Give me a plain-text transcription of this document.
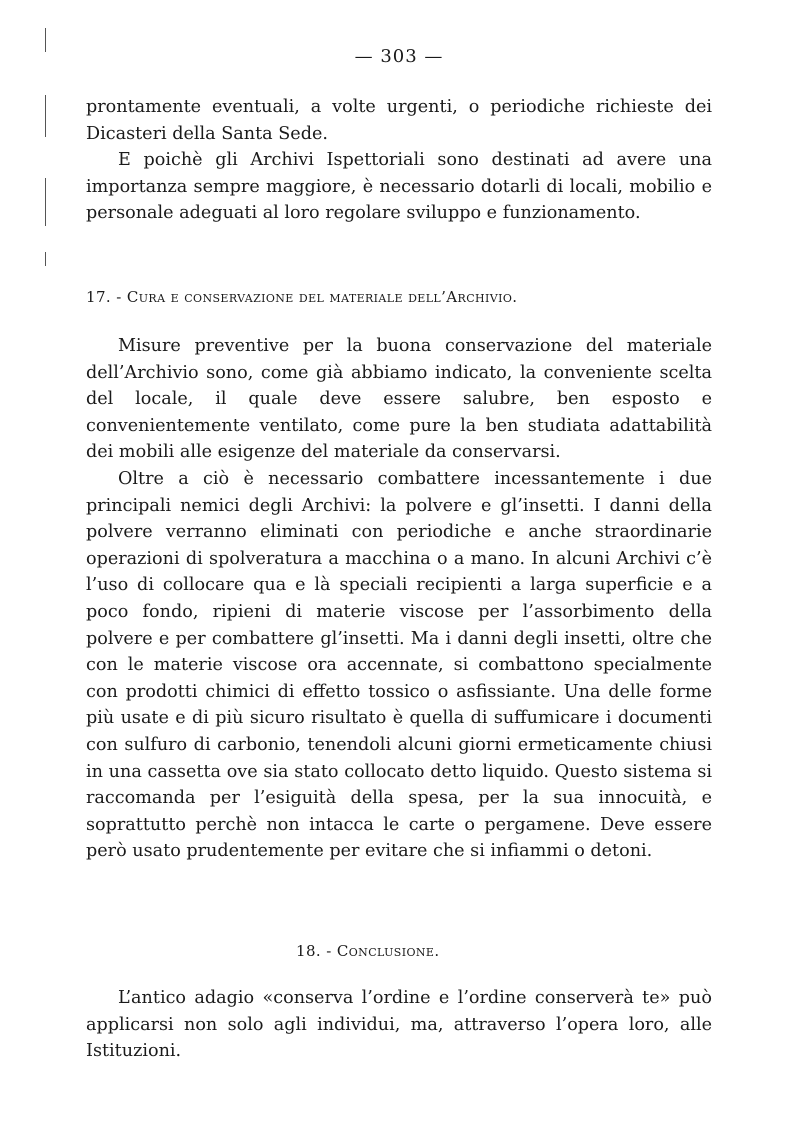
— 303 —

prontamente eventuali, a volte urgenti, o periodiche richieste dei Dicasteri della Santa Sede.

E poichè gli Archivi Ispettoriali sono destinati ad avere una importanza sempre maggiore, è necessario dotarli di locali, mobilio e personale adeguati al loro regolare sviluppo e funzionamento.

17. - Cura e conservazione del materiale dell’Archivio.

Misure preventive per la buona conservazione del materiale dell’Archivio sono, come già abbiamo indicato, la conveniente scelta del locale, il quale deve essere salubre, ben esposto e convenientemente ventilato, come pure la ben studiata adattabilità dei mobili alle esigenze del materiale da conservarsi.

Oltre a ciò è necessario combattere incessantemente i due principali nemici degli Archivi: la polvere e gl’insetti. I danni della polvere verranno eliminati con periodiche e anche straordinarie operazioni di spolveratura a macchina o a mano. In alcuni Archivi c’è l’uso di collocare qua e là speciali recipienti a larga superficie e a poco fondo, ripieni di materie viscose per l’assorbimento della polvere e per combattere gl’insetti. Ma i danni degli insetti, oltre che con le materie viscose ora accennate, si combattono specialmente con prodotti chimici di effetto tossico o asfissiante. Una delle forme più usate e di più sicuro risultato è quella di suffumicare i documenti con sulfuro di carbonio, tenendoli alcuni giorni ermeticamente chiusi in una cassetta ove sia stato collocato detto liquido. Questo sistema si raccomanda per l’esiguità della spesa, per la sua innocuità, e soprattutto perchè non intacca le carte o pergamene. Deve essere però usato prudentemente per evitare che si infiammi o detoni.

18. - Conclusione.

L’antico adagio «conserva l’ordine e l’ordine conserverà te» può applicarsi non solo agli individui, ma, attraverso l’opera loro, alle Istituzioni.
